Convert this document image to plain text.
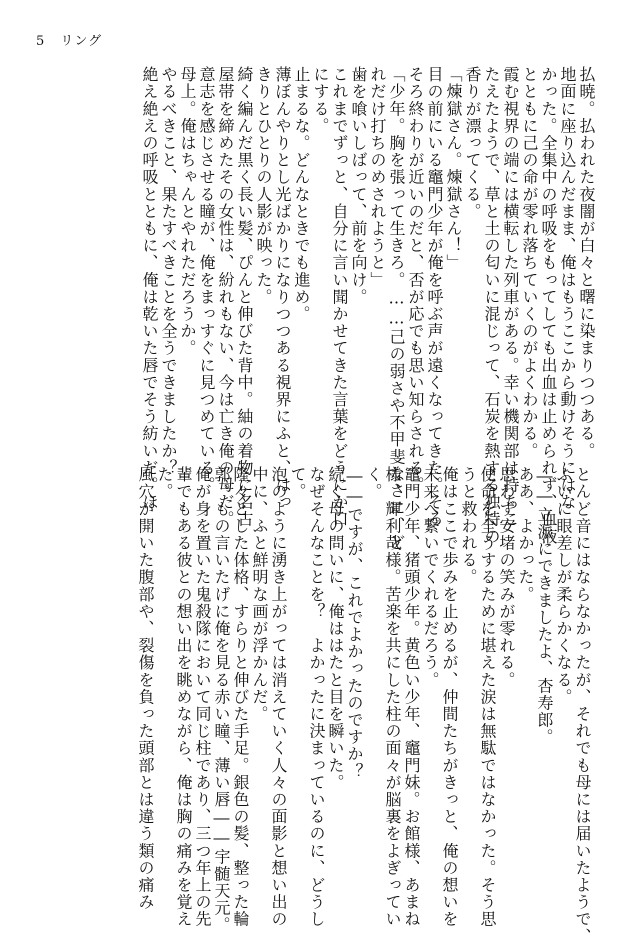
5 リング
払暁。払われた夜闇が白々と曙に染まりつつある。
地面に座り込んだまま、俺はもうここから動けそうにはな
かった。全集中の呼吸をもってしても出血は止められず、血液
とともに己の命が零れ落ちていくのがよくわかる。
霞む視界の端には横転した列車がある。幸い機関部は持ちこ
たえたようで、草と土の匂いに混じって、石炭を熱する独特の
香りが漂ってくる。
「煉獄さん。煉獄さん！」
目の前にいる竈門少年が俺を呼ぶ声が遠くなってきた。そろ
そろ終わりが近いのだと、否が応でも思い知らされる。
「少年。胸を張って生きろ。……己の弱さや不甲斐なさに、ど
れだけ打ちのめされようと」
歯を喰いしばって、前を向け。
これまでずっと、自分に言い聞かせてきた言葉をどうにか口
にする。
止まるな。どんなときでも進め。
薄ぼんやりとし光ばかりになりつつある視界にふと、はっ
きりとひとりの人影が映った。
綺く編んだ黒く長い髪、ぴんと伸びた背中。紬の着物に名古
屋帯を締めたその女性は、紛れもない、今は亡き俺の母だ。
意志を感じさせる瞳が、俺をまっすぐに見つめている。
母上。俺はちゃんとやれただろうか。
やるべきこと、果たすべきことを全うできましたか？
絶え絶えの呼吸とともに、俺は乾いた唇でそう紡いだ。ほ
とんど音にはならなかったが、それでも母には届いたようで、
ふいに眼差しが柔らかくなる。
――立派にできましたよ、杏寿郎。
ああ、よかった。
思わず安堵の笑みが零れる。
使命を全うするために堪えた涙は無駄ではなかった。そう思
うと救われる。
俺はここで歩みを止めるが、仲間たちがきっと、俺の想いを
未来へ繋いでくれるだろう。
竈門少年、猪頭少年。黄色い少年、竈門妹。お館様、あまね
様、輝利哉様。苦楽を共にした柱の面々が脳裏をよぎってい
く。
――ですが、これでよかったのですか？
続く母の問いに、俺ははたと目を瞬いた。
なぜそんなことを？　よかったに決まっているのに、どうし
て。
泡のように湧き上がっては消えていく人々の面影と想い出の
中に、ふと鮮明な画が浮かんだ。
隆々とした体格、すらりと伸びた手足。銀色の髪、整った輪
郭。もの言いたげに俺を見る赤い瞳、薄い唇――宇髄天元。
俺が身を置いた鬼殺隊において同じ柱であり、三つ年上の先
輩でもある彼との想い出を眺めながら、俺は胸の痛みを覚え
た。
風穴が開いた腹部や、裂傷を負った頭部とは違う類の痛み
